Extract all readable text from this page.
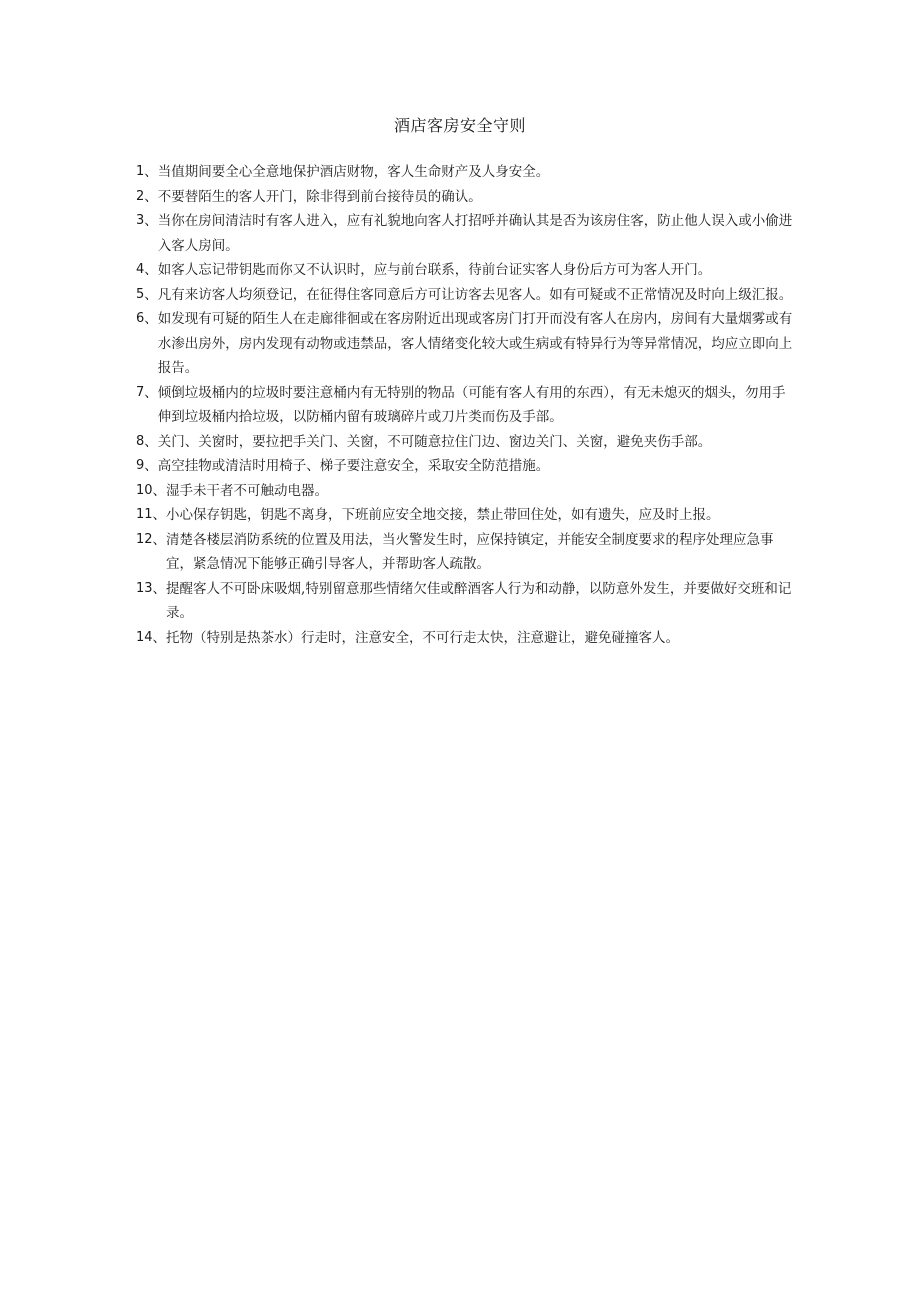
酒店客房安全守则
1 、 当值期间要全心全意地保护酒店财物，客人生命财产及人身安全。
2 、 不要替陌生的客人开门，除非得到前台接待员的确认。
3 、 当你在房间清洁时有客人进入，应有礼貌地向客人打招呼并确认其是否为该房住客，防止他人误入或小偷进入客人房间。
4 、 如客人忘记带钥匙而你又不认识时，应与前台联系，待前台证实客人身份后方可为客人开门。
5 、 凡有来访客人均须登记，在征得住客同意后方可让访客去见客人。如有可疑或不正常情况及时向上级汇报。
6 、 如发现有可疑的陌生人在走廊徘徊或在客房附近出现或客房门打开而没有客人在房内，房间有大量烟雾或有水渗出房外，房内发现有动物或违禁品，客人情绪变化较大或生病或有特异行为等异常情况，均应立即向上报告。
7 、 倾倒垃圾桶内的垃圾时要注意桶内有无特别的物品（可能有客人有用的东西），有无未熄灭的烟头，勿用手伸到垃圾桶内拾垃圾，以防桶内留有玻璃碎片或刀片类而伤及手部。
8 、 关门、关窗时，要拉把手关门、关窗，不可随意拉住门边、窗边关门、关窗，避免夹伤手部。
9 、 高空挂物或清洁时用椅子、梯子要注意安全，采取安全防范措施。
10 、 湿手未干者不可触动电器。
11 、 小心保存钥匙，钥匙不离身，下班前应安全地交接，禁止带回住处，如有遗失，应及时上报。
12 、 清楚各楼层消防系统的位置及用法，当火警发生时，应保持镇定，并能安全制度要求的程序处理应急事宜，紧急情况下能够正确引导客人，并帮助客人疏散。
13 、 提醒客人不可卧床吸烟,特别留意那些情绪欠佳或醉酒客人行为和动静，以防意外发生，并要做好交班和记录。
14 、 托物（特别是热茶水）行走时，注意安全，不可行走太快，注意避让，避免碰撞客人。
